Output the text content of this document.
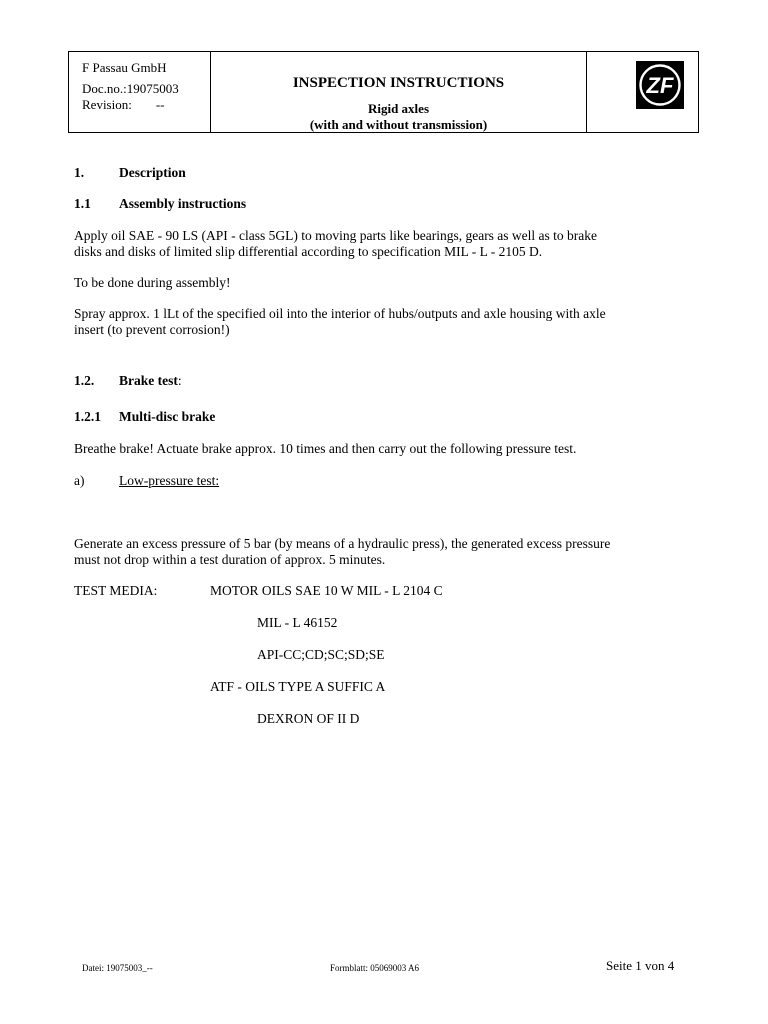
F Passau GmbH
Doc.no.:19075003
Revision: --
INSPECTION INSTRUCTIONS
Rigid axles
(with and without transmission)
ZF
1.	Description
1.1 Assembly instructions
Apply oil SAE - 90 LS (API - class 5GL) to moving parts like bearings, gears as well as to brake
disks and disks of limited slip differential according to specification MIL - L - 2105 D.
To be done during assembly!
Spray approx. 1 lLt of the specified oil into the interior of hubs/outputs and axle housing with axle
insert (to prevent corrosion!)
1.2. Brake test:
1.2.1 Multi-disc brake
Breathe brake! Actuate brake approx. 10 times and then carry out the following pressure test.
a)	Low-pressure test:
Generate an excess pressure of 5 bar (by means of a hydraulic press), the generated excess pressure
must not drop within a test duration of approx. 5 minutes.
TEST MEDIA:	MOTOR OILS SAE 10 W MIL - L 2104 C
MIL - L 46152
API-CC;CD;SC;SD;SE
ATF - OILS TYPE A SUFFIC A
DEXRON OF II D
Datei: 19075003_--	Formblatt: 05069003 A6	Seite 1 von 4
